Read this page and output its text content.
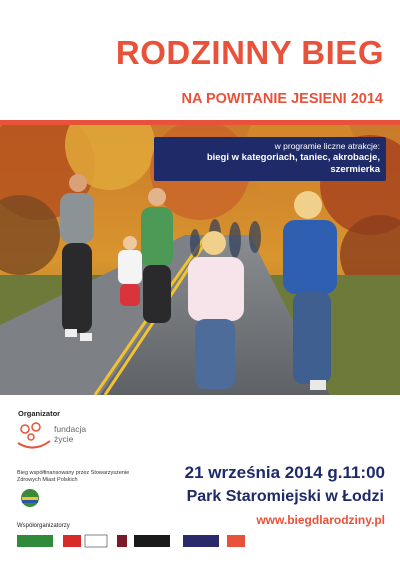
RODZINNY BIEG
NA POWITANIE JESIENI 2014
w programie liczne atrakcje:
biegi w kategoriach, taniec, akrobacje, szermierka
Organizator
fundacja życie
Bieg współfinansowany przez Stowarzyszenie Zdrowych Miast Polskich
Współorganizatorzy

21 września 2014 g.11:00

Park Staromiejski w Łodzi

www.biegdlarodziny.pl
